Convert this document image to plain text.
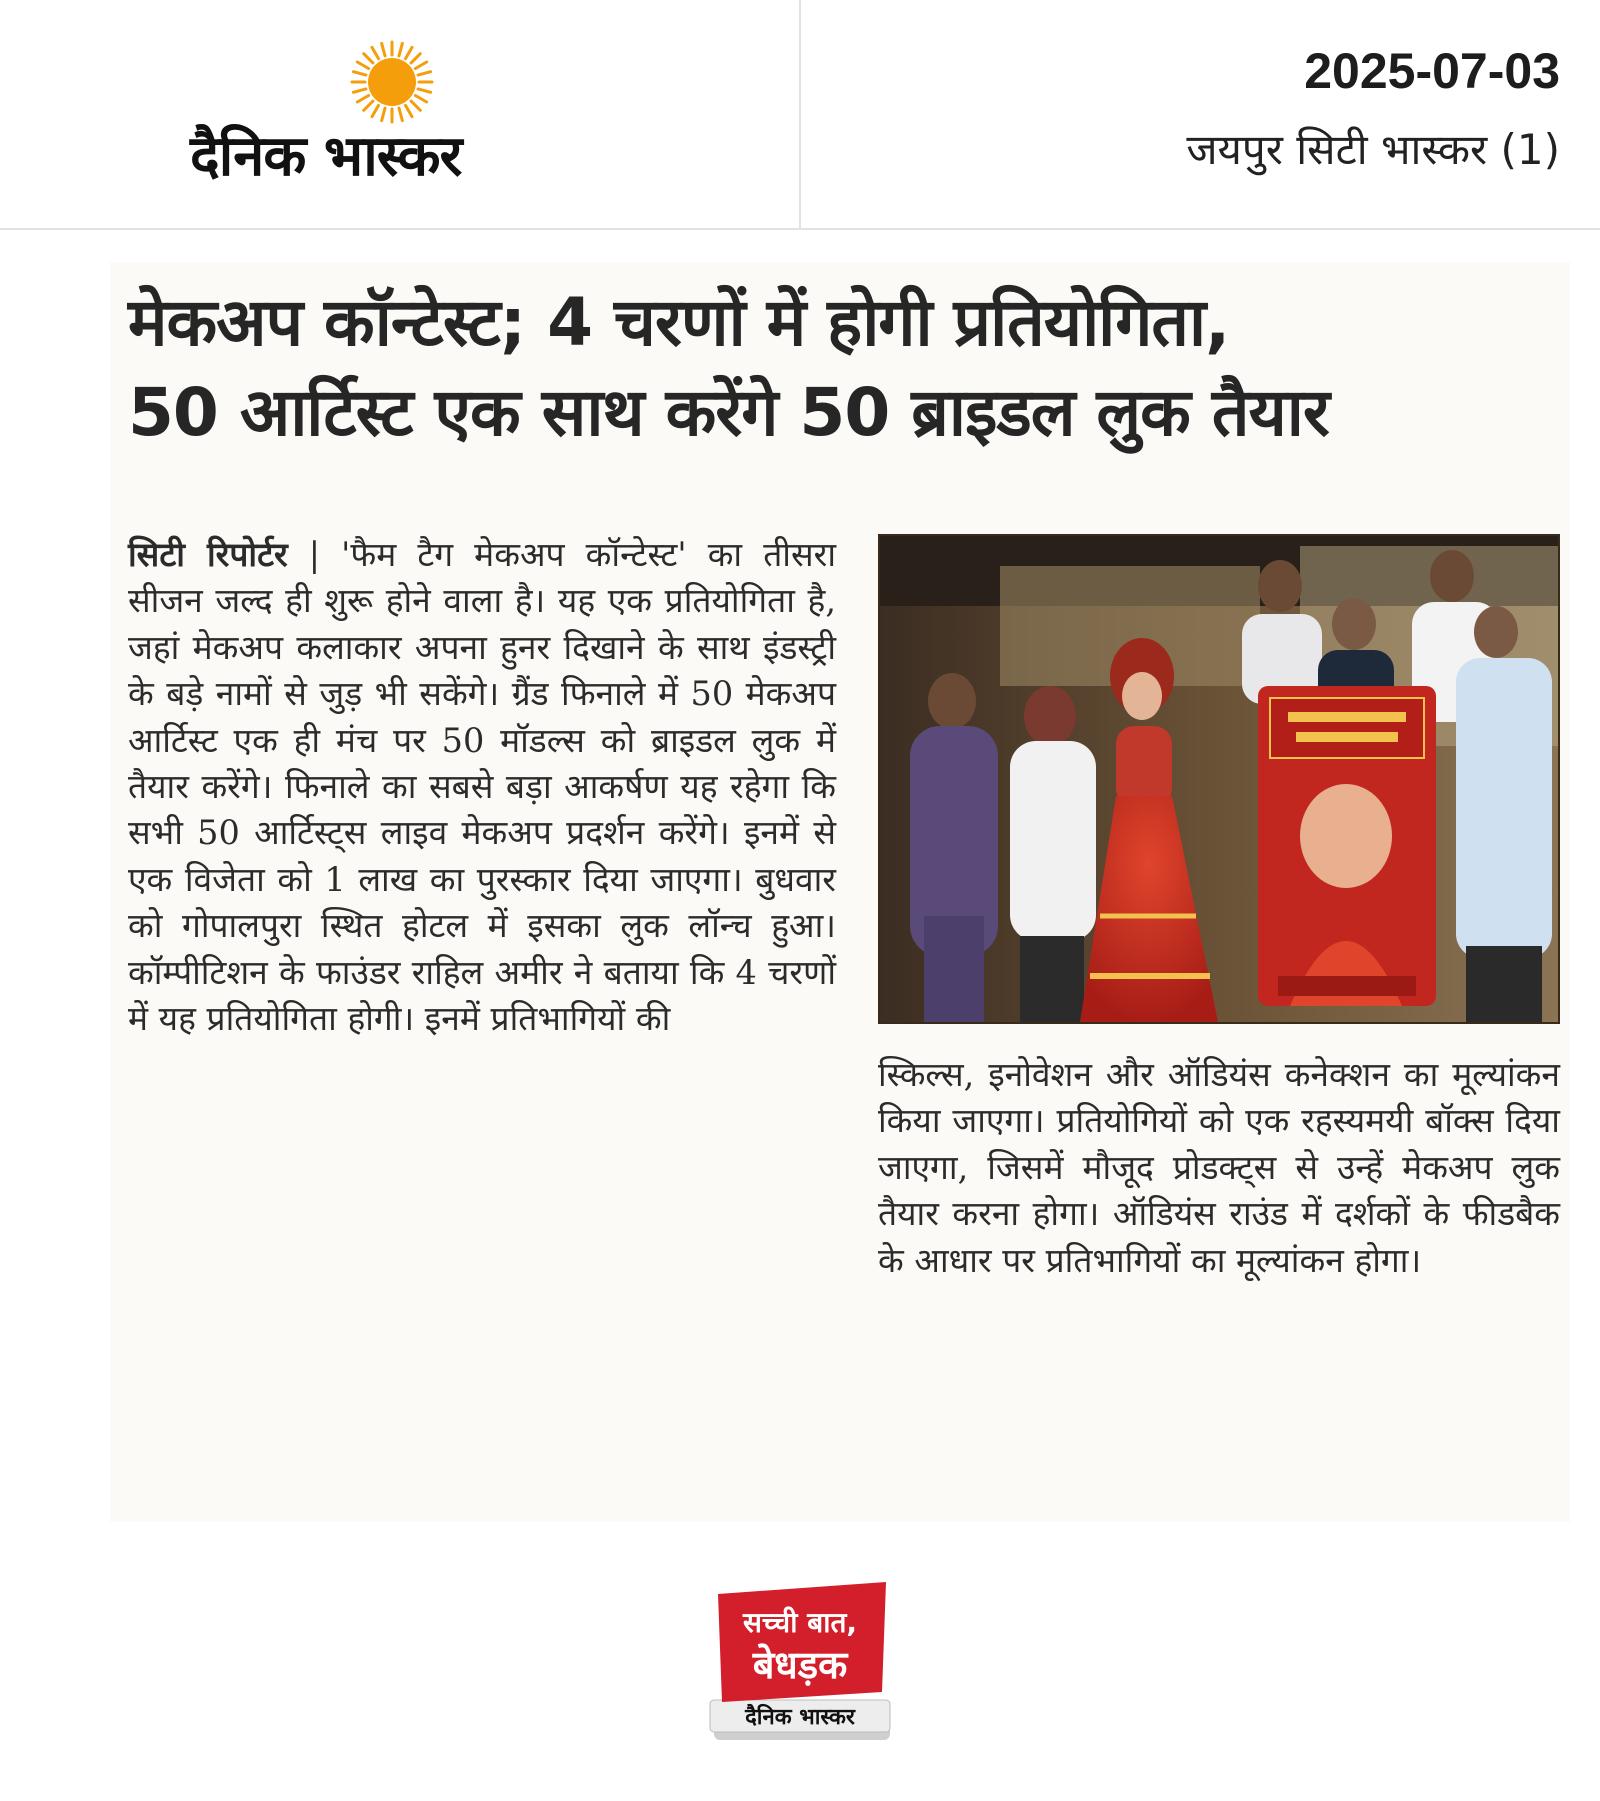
दैनिक भास्कर
2025-07-03
जयपुर सिटी भास्कर (1)
मेकअप कॉन्टेस्ट; 4 चरणों में होगी प्रतियोगिता,
50 आर्टिस्ट एक साथ करेंगे 50 ब्राइडल लुक तैयार

सिटी रिपोर्टर | 'फैम टैग मेकअप कॉन्टेस्ट' का तीसरा सीजन जल्द ही शुरू होने वाला है। यह एक प्रतियोगिता है, जहां मेकअप कलाकार अपना हुनर दिखाने के साथ इंडस्ट्री के बड़े नामों से जुड़ भी सकेंगे। ग्रैंड फिनाले में 50 मेकअप आर्टिस्ट एक ही मंच पर 50 मॉडल्स को ब्राइडल लुक में तैयार करेंगे। फिनाले का सबसे बड़ा आकर्षण यह रहेगा कि सभी 50 आर्टिस्ट्स लाइव मेकअप प्रदर्शन करेंगे। इनमें से एक विजेता को 1 लाख का पुरस्कार दिया जाएगा। बुधवार को गोपालपुरा स्थित होटल में इसका लुक लॉन्च हुआ। कॉम्पीटिशन के फाउंडर राहिल अमीर ने बताया कि 4 चरणों में यह प्रतियोगिता होगी। इनमें प्रतिभागियों की

स्किल्स, इनोवेशन और ऑडियंस कनेक्शन का मूल्यांकन किया जाएगा। प्रतियोगियों को एक रहस्यमयी बॉक्स दिया जाएगा, जिसमें मौजूद प्रोडक्ट्स से उन्हें मेकअप लुक तैयार करना होगा। ऑडियंस राउंड में दर्शकों के फीडबैक के आधार पर प्रतिभागियों का मूल्यांकन होगा।

सच्ची बात,
बेधड़क
दैनिक भास्कर
